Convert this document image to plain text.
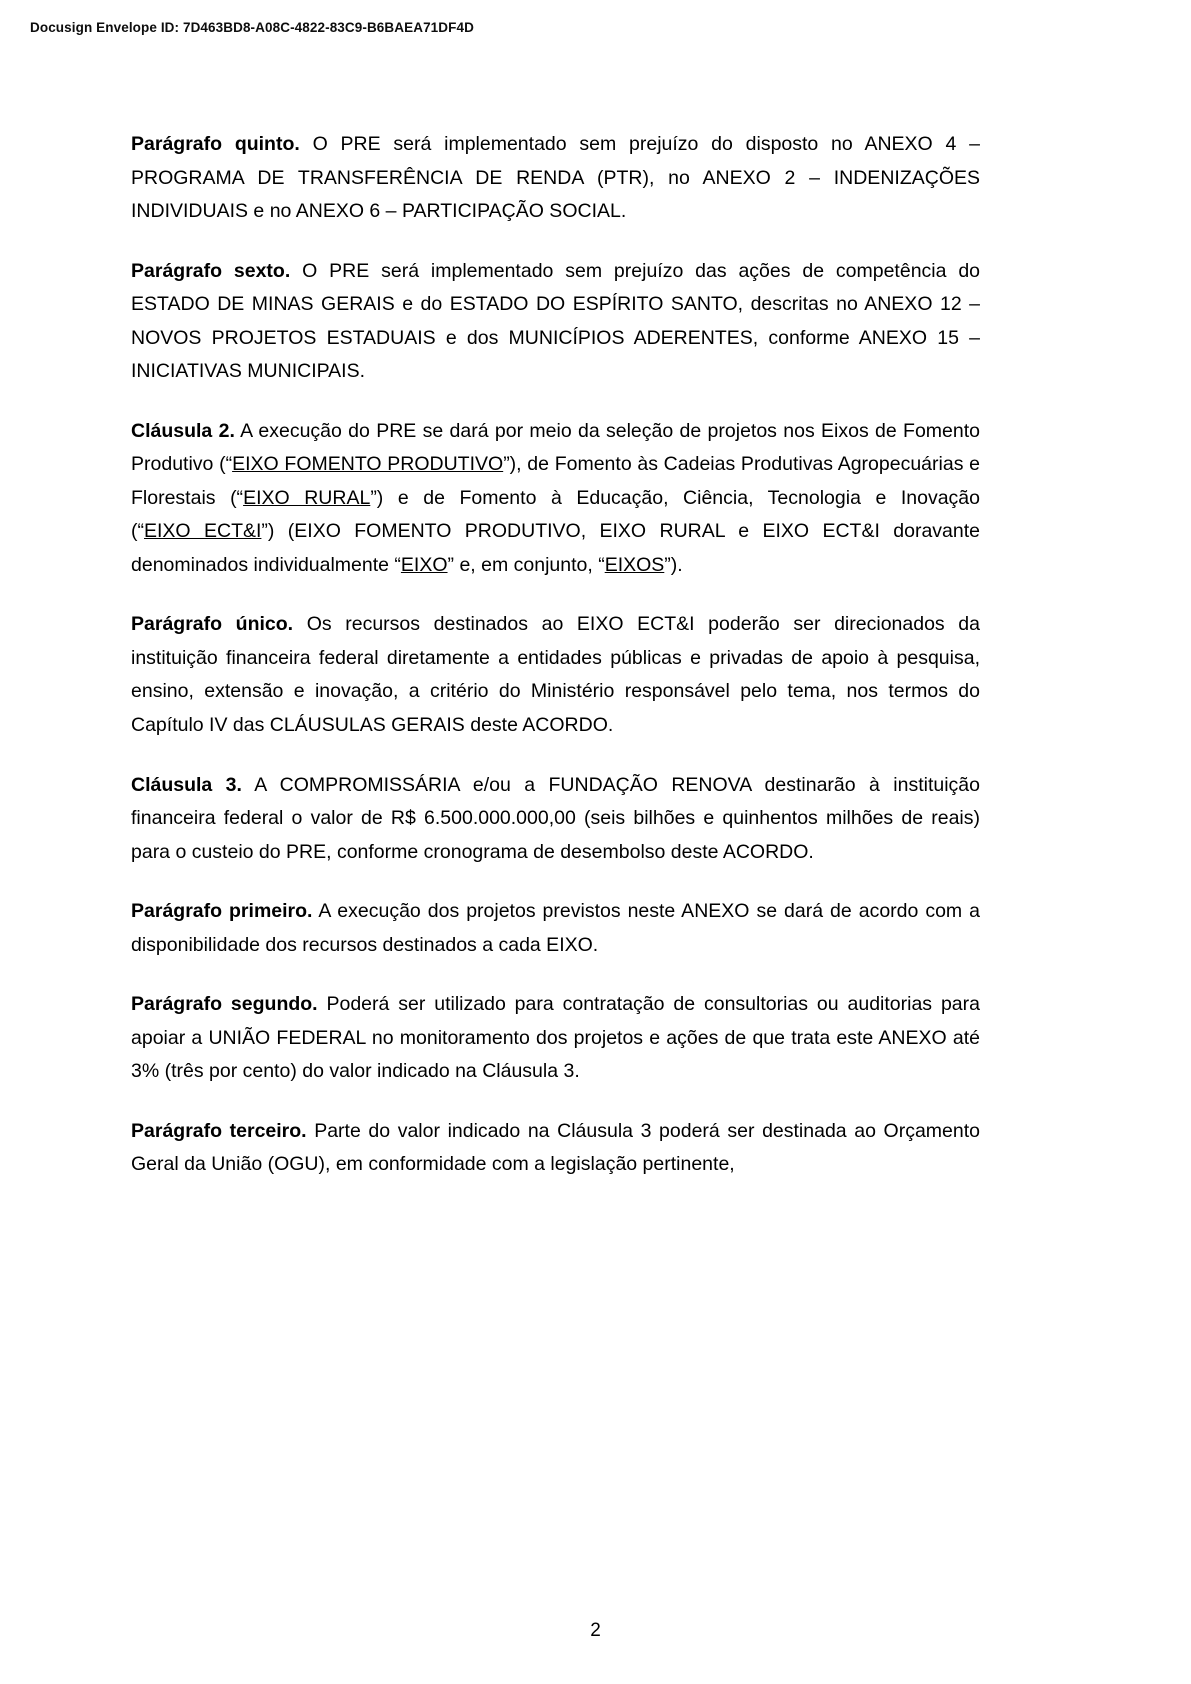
Docusign Envelope ID: 7D463BD8-A08C-4822-83C9-B6BAEA71DF4D

Parágrafo quinto. O PRE será implementado sem prejuízo do disposto no ANEXO 4 – PROGRAMA DE TRANSFERÊNCIA DE RENDA (PTR), no ANEXO 2 – INDENIZAÇÕES INDIVIDUAIS e no ANEXO 6 – PARTICIPAÇÃO SOCIAL.

Parágrafo sexto. O PRE será implementado sem prejuízo das ações de competência do ESTADO DE MINAS GERAIS e do ESTADO DO ESPÍRITO SANTO, descritas no ANEXO 12 – NOVOS PROJETOS ESTADUAIS e dos MUNICÍPIOS ADERENTES, conforme ANEXO 15 – INICIATIVAS MUNICIPAIS.

Cláusula 2. A execução do PRE se dará por meio da seleção de projetos nos Eixos de Fomento Produtivo (“EIXO FOMENTO PRODUTIVO”), de Fomento às Cadeias Produtivas Agropecuárias e Florestais (“EIXO RURAL”) e de Fomento à Educação, Ciência, Tecnologia e Inovação (“EIXO ECT&I”) (EIXO FOMENTO PRODUTIVO, EIXO RURAL e EIXO ECT&I doravante denominados individualmente “EIXO” e, em conjunto, “EIXOS”).

Parágrafo único. Os recursos destinados ao EIXO ECT&I poderão ser direcionados da instituição financeira federal diretamente a entidades públicas e privadas de apoio à pesquisa, ensino, extensão e inovação, a critério do Ministério responsável pelo tema, nos termos do Capítulo IV das CLÁUSULAS GERAIS deste ACORDO.

Cláusula 3. A COMPROMISSÁRIA e/ou a FUNDAÇÃO RENOVA destinarão à instituição financeira federal o valor de R$ 6.500.000.000,00 (seis bilhões e quinhentos milhões de reais) para o custeio do PRE, conforme cronograma de desembolso deste ACORDO.

Parágrafo primeiro. A execução dos projetos previstos neste ANEXO se dará de acordo com a disponibilidade dos recursos destinados a cada EIXO.

Parágrafo segundo. Poderá ser utilizado para contratação de consultorias ou auditorias para apoiar a UNIÃO FEDERAL no monitoramento dos projetos e ações de que trata este ANEXO até 3% (três por cento) do valor indicado na Cláusula 3.

Parágrafo terceiro. Parte do valor indicado na Cláusula 3 poderá ser destinada ao Orçamento Geral da União (OGU), em conformidade com a legislação pertinente,

2
